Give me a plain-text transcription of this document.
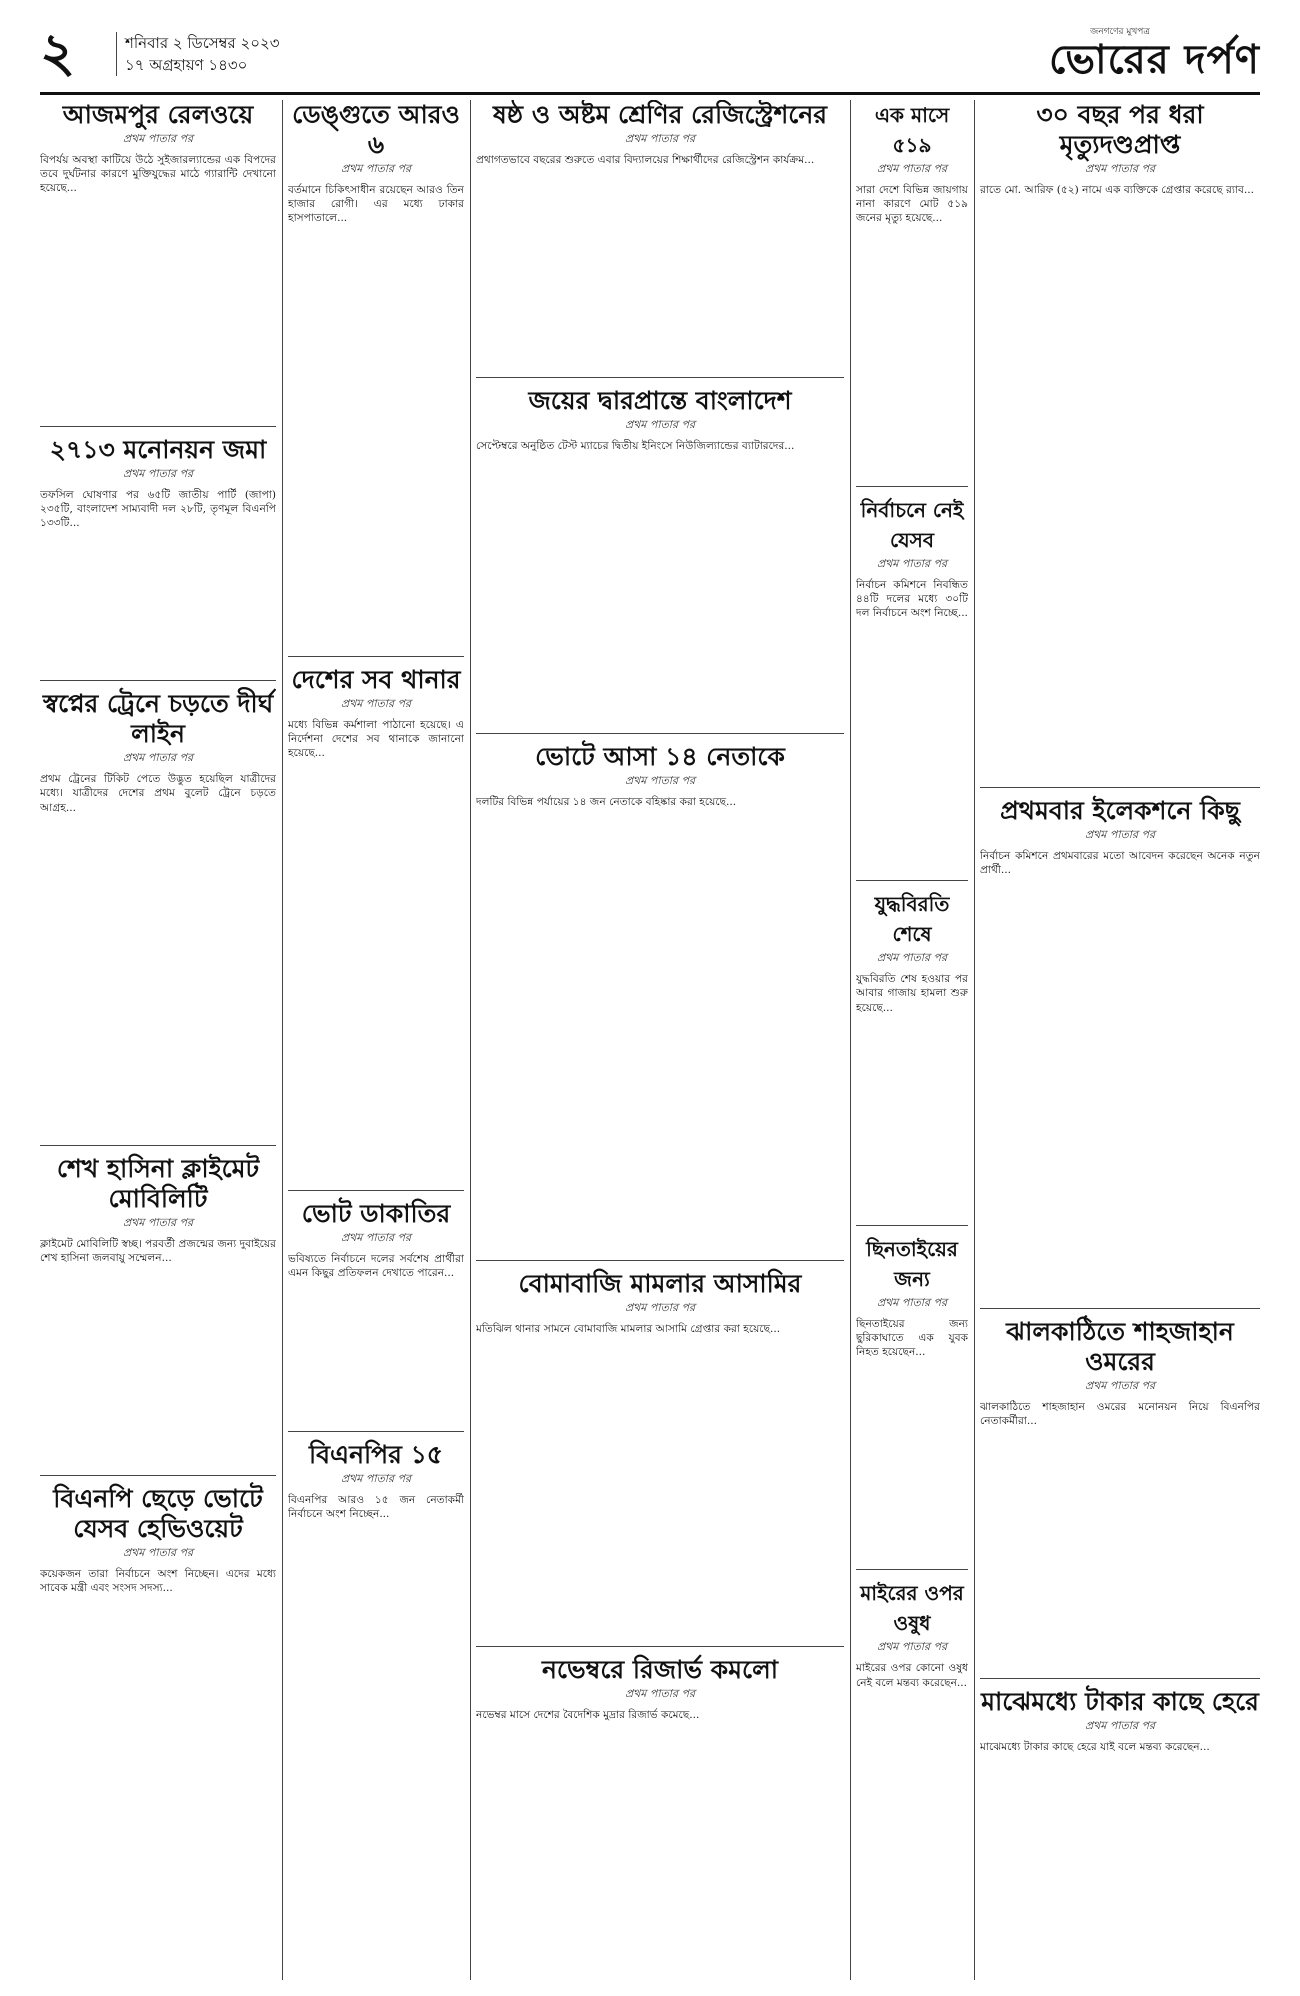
২	শনিবার ২ ডিসেম্বর ২০২৩
১৭ অগ্রহায়ণ ১৪৩০
জনগণের মুখপত্র
ভোরের দর্পণ
আজমপুর রেলওয়ে
প্রথম পাতার পর

বিপর্যয় অবস্থা কাটিয়ে উঠে সুইজারল্যান্ডের এক বিপদের তবে দুর্ঘটনার কারণে মুক্তিযুদ্ধের মাঠে গ্যারান্টি দেখানো হয়েছে...

২৭১৩ মনোনয়ন জমা
প্রথম পাতার পর

তফসিল ঘোষণার পর ৬৫টি জাতীয় পার্টি (জাপা) ২৩৫টি, বাংলাদেশ সাম্যবাদী দল ২৮টি, তৃণমূল বিএনপি ১৩৩টি...

স্বপ্নের ট্রেনে চড়তে দীর্ঘ লাইন
প্রথম পাতার পর

প্রথম ট্রেনের টিকিট পেতে উদ্ভুত হয়েছিল যাত্রীদের মধ্যে। যাত্রীদের দেশের প্রথম বুলেট ট্রেনে চড়তে আগ্রহ...

শেখ হাসিনা ক্লাইমেট মোবিলিটি
প্রথম পাতার পর

ক্লাইমেট মোবিলিটি স্বচ্ছ। পরবর্তী প্রজন্মের জন্য দুবাইয়ের শেখ হাসিনা জলবায়ু সম্মেলন...

বিএনপি ছেড়ে ভোটে যেসব হেভিওয়েট
প্রথম পাতার পর

কয়েকজন তারা নির্বাচনে অংশ নিচ্ছেন। এদের মধ্যে সাবেক মন্ত্রী এবং সংসদ সদস্য...

ডেঙ্গুতে আরও ৬
প্রথম পাতার পর

বর্তমানে চিকিৎসাধীন রয়েছেন আরও তিন হাজার রোগী। এর মধ্যে ঢাকার হাসপাতালে...

দেশের সব থানার
প্রথম পাতার পর

মধ্যে বিভিন্ন কর্মশালা পাঠানো হয়েছে। এ নির্দেশনা দেশের সব থানাকে জানানো হয়েছে...

ভোট ডাকাতির
প্রথম পাতার পর

ভবিষ্যতে নির্বাচনে দলের সর্বশেষ প্রার্থীরা এমন কিছুর প্রতিফলন দেখাতে পারেন...

বিএনপির ১৫
প্রথম পাতার পর

বিএনপির আরও ১৫ জন নেতাকর্মী নির্বাচনে অংশ নিচ্ছেন...

ষষ্ঠ ও অষ্টম শ্রেণির রেজিস্ট্রেশনের
প্রথম পাতার পর

প্রথাগতভাবে বছরের শুরুতে এবার বিদ্যালয়ের শিক্ষার্থীদের রেজিস্ট্রেশন কার্যক্রম...

জয়ের দ্বারপ্রান্তে বাংলাদেশ
প্রথম পাতার পর

সেপ্টেম্বরে অনুষ্ঠিত টেস্ট ম্যাচের দ্বিতীয় ইনিংসে নিউজিল্যান্ডের ব্যাটারদের...

ভোটে আসা ১৪ নেতাকে
প্রথম পাতার পর

দলটির বিভিন্ন পর্যায়ের ১৪ জন নেতাকে বহিষ্কার করা হয়েছে...

বোমাবাজি মামলার আসামির
প্রথম পাতার পর

মতিঝিল থানার সামনে বোমাবাজি মামলার আসামি গ্রেপ্তার করা হয়েছে...

নভেম্বরে রিজার্ভ কমলো
প্রথম পাতার পর

নভেম্বর মাসে দেশের বৈদেশিক মুদ্রার রিজার্ভ কমেছে...

এক মাসে ৫১৯
প্রথম পাতার পর

সারা দেশে বিভিন্ন জায়গায় নানা কারণে মোট ৫১৯ জনের মৃত্যু হয়েছে...

নির্বাচনে নেই যেসব
প্রথম পাতার পর

নির্বাচন কমিশনে নিবন্ধিত ৪৪টি দলের মধ্যে ৩০টি দল নির্বাচনে অংশ নিচ্ছে...

যুদ্ধবিরতি শেষে
প্রথম পাতার পর

যুদ্ধবিরতি শেষ হওয়ার পর আবার গাজায় হামলা শুরু হয়েছে...

ছিনতাইয়ের জন্য
প্রথম পাতার পর

ছিনতাইয়ের জন্য ছুরিকাঘাতে এক যুবক নিহত হয়েছেন...

মাইরের ওপর ওষুধ
প্রথম পাতার পর

মাইরের ওপর কোনো ওষুধ নেই বলে মন্তব্য করেছেন...

৩০ বছর পর ধরা মৃত্যুদণ্ডপ্রাপ্ত
প্রথম পাতার পর

রাতে মো. আরিফ (৫২) নামে এক ব্যক্তিকে গ্রেপ্তার করেছে র‍্যাব...

প্রথমবার ইলেকশনে কিছু
প্রথম পাতার পর

নির্বাচন কমিশনে প্রথমবারের মতো আবেদন করেছেন অনেক নতুন প্রার্থী...

ঝালকাঠিতে শাহজাহান ওমরের
প্রথম পাতার পর

ঝালকাঠিতে শাহজাহান ওমরের মনোনয়ন নিয়ে বিএনপির নেতাকর্মীরা...

মাঝেমধ্যে টাকার কাছে হেরে
প্রথম পাতার পর

মাঝেমধ্যে টাকার কাছে হেরে যাই বলে মন্তব্য করেছেন...
